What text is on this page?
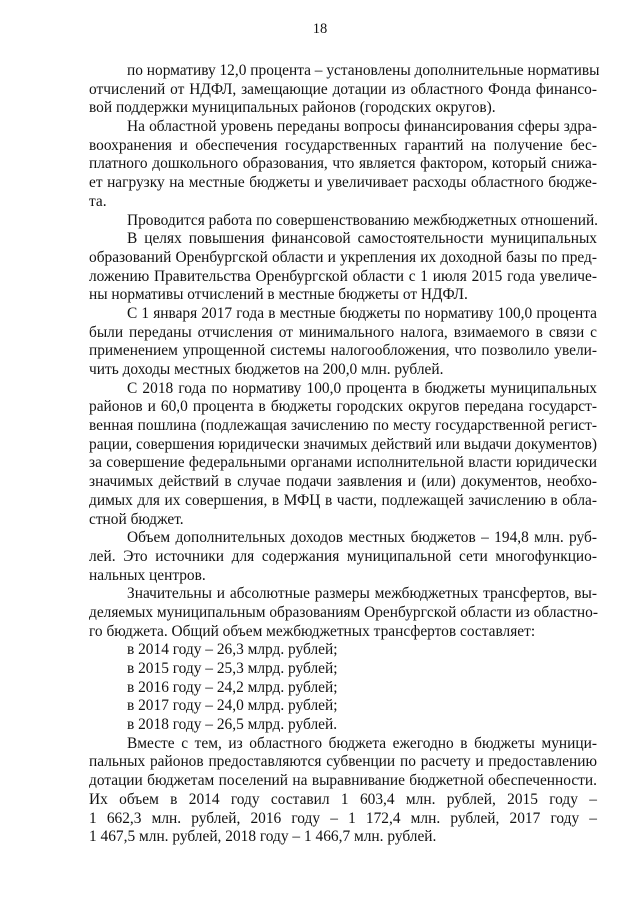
18
по нормативу 12,0 процента – установлены дополнительные нормативы
отчислений от НДФЛ, замещающие дотации из областного Фонда финансо-
вой поддержки муниципальных районов (городских округов).
На областной уровень переданы вопросы финансирования сферы здра-
воохранения и обеспечения государственных гарантий на получение бес-
платного дошкольного образования, что является фактором, который снижа-
ет нагрузку на местные бюджеты и увеличивает расходы областного бюдже-
та.
Проводится работа по совершенствованию межбюджетных отношений.
В целях повышения финансовой самостоятельности муниципальных
образований Оренбургской области и укрепления их доходной базы по пред-
ложению Правительства Оренбургской области с 1 июля 2015 года увеличе-
ны нормативы отчислений в местные бюджеты от НДФЛ.
С 1 января 2017 года в местные бюджеты по нормативу 100,0 процента
были переданы отчисления от минимального налога, взимаемого в связи с
применением упрощенной системы налогообложения, что позволило увели-
чить доходы местных бюджетов на 200,0 млн. рублей.
С 2018 года по нормативу 100,0 процента в бюджеты муниципальных
районов и 60,0 процента в бюджеты городских округов передана государст-
венная пошлина (подлежащая зачислению по месту государственной регист-
рации, совершения юридически значимых действий или выдачи документов)
за совершение федеральными органами исполнительной власти юридически
значимых действий в случае подачи заявления и (или) документов, необхо-
димых для их совершения, в МФЦ в части, подлежащей зачислению в обла-
стной бюджет.
Объем дополнительных доходов местных бюджетов – 194,8 млн. руб-
лей. Это источники для содержания муниципальной сети многофункцио-
нальных центров.
Значительны и абсолютные размеры межбюджетных трансфертов, вы-
деляемых муниципальным образованиям Оренбургской области из областно-
го бюджета. Общий объем межбюджетных трансфертов составляет:
в 2014 году – 26,3 млрд. рублей;
в 2015 году – 25,3 млрд. рублей;
в 2016 году – 24,2 млрд. рублей;
в 2017 году – 24,0 млрд. рублей;
в 2018 году – 26,5 млрд. рублей.
Вместе с тем, из областного бюджета ежегодно в бюджеты муници-
пальных районов предоставляются субвенции по расчету и предоставлению
дотации бюджетам поселений на выравнивание бюджетной обеспеченности.
Их объем в 2014 году составил 1 603,4 млн. рублей, 2015 году –
1 662,3 млн. рублей, 2016 году – 1 172,4 млн. рублей, 2017 году –
1 467,5 млн. рублей, 2018 году – 1 466,7 млн. рублей.
